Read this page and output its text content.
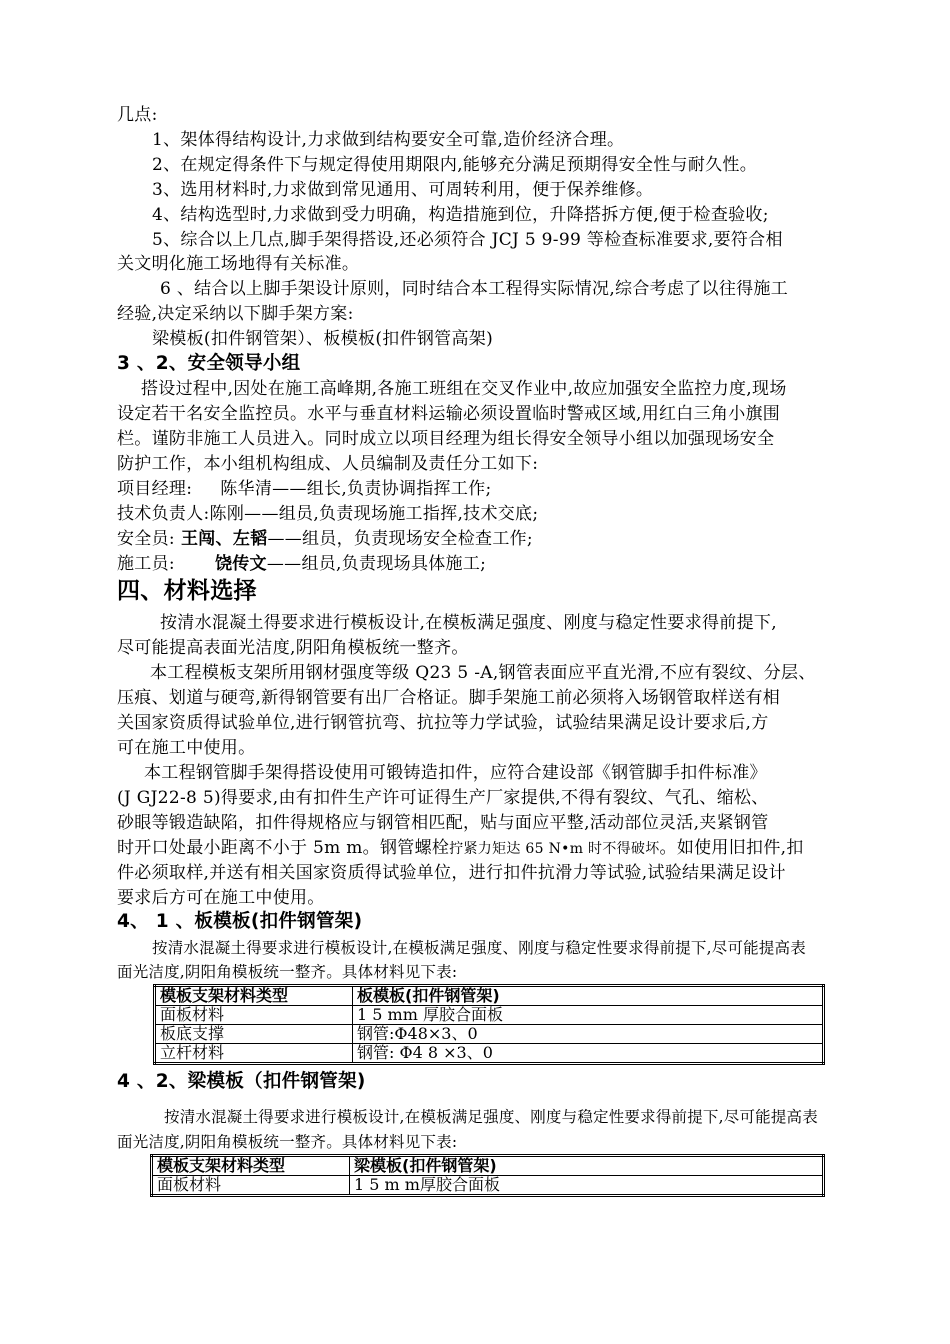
几点:
1、架体得结构设计,力求做到结构要安全可靠,造价经济合理。
2、在规定得条件下与规定得使用期限内,能够充分满足预期得安全性与耐久性。
3、选用材料时,力求做到常见通用、可周转利用，便于保养维修。
4、结构选型时,力求做到受力明确，构造措施到位，升降搭拆方便,便于检查验收;
5、综合以上几点,脚手架得搭设,还必须符合 JCJ 5 9-99 等检查标准要求,要符合相
关文明化施工场地得有关标准。
6 、结合以上脚手架设计原则，同时结合本工程得实际情况,综合考虑了以往得施工
经验,决定采纳以下脚手架方案:
梁模板(扣件钢管架）、板模板(扣件钢管高架)
3 、2、安全领导小组
搭设过程中,因处在施工高峰期,各施工班组在交叉作业中,故应加强安全监控力度,现场
设定若干名安全监控员。水平与垂直材料运输必须设置临时警戒区域,用红白三角小旗围
栏。谨防非施工人员进入。同时成立以项目经理为组长得安全领导小组以加强现场安全
防护工作，本小组机构组成、人员编制及责任分工如下:
项目经理: 陈华清——组长,负责协调指挥工作;
技术负责人:陈刚——组员,负责现场施工指挥,技术交底;
安全员: 王闯、左韬——组员，负责现场安全检查工作;
施工员: 饶传文——组员,负责现场具体施工;
四、材料选择
按清水混凝土得要求进行模板设计,在模板满足强度、刚度与稳定性要求得前提下,
尽可能提高表面光洁度,阴阳角模板统一整齐。
本工程模板支架所用钢材强度等级 Q23 5 -A,钢管表面应平直光滑,不应有裂纹、分层、
压痕、划道与硬弯,新得钢管要有出厂合格证。脚手架施工前必须将入场钢管取样送有相
关国家资质得试验单位,进行钢管抗弯、抗拉等力学试验，试验结果满足设计要求后,方
可在施工中使用。
本工程钢管脚手架得搭设使用可锻铸造扣件，应符合建设部《钢管脚手扣件标准》
(J GJ22-8 5)得要求,由有扣件生产许可证得生产厂家提供,不得有裂纹、气孔、缩松、
砂眼等锻造缺陷，扣件得规格应与钢管相匹配，贴与面应平整,活动部位灵活,夹紧钢管
时开口处最小距离不小于 5m m。钢管螺栓拧紧力矩达 65 N•m 时不得破坏。如使用旧扣件,扣
件必须取样,并送有相关国家资质得试验单位，进行扣件抗滑力等试验,试验结果满足设计
要求后方可在施工中使用。
4、 1 、板模板(扣件钢管架)
按清水混凝土得要求进行模板设计,在模板满足强度、刚度与稳定性要求得前提下,尽可能提高表
面光洁度,阴阳角模板统一整齐。具体材料见下表:
模板支架材料类型	板模板(扣件钢管架)
面板材料	1 5 mm 厚胶合面板
板底支撑	钢管:Φ48×3、0
立杆材料	钢管: Φ4 8 ×3、0
4 、2、梁模板（扣件钢管架)
按清水混凝土得要求进行模板设计,在模板满足强度、刚度与稳定性要求得前提下,尽可能提高表
面光洁度,阴阳角模板统一整齐。具体材料见下表:
模板支架材料类型	梁模板(扣件钢管架)
面板材料	1 5 m m厚胶合面板
